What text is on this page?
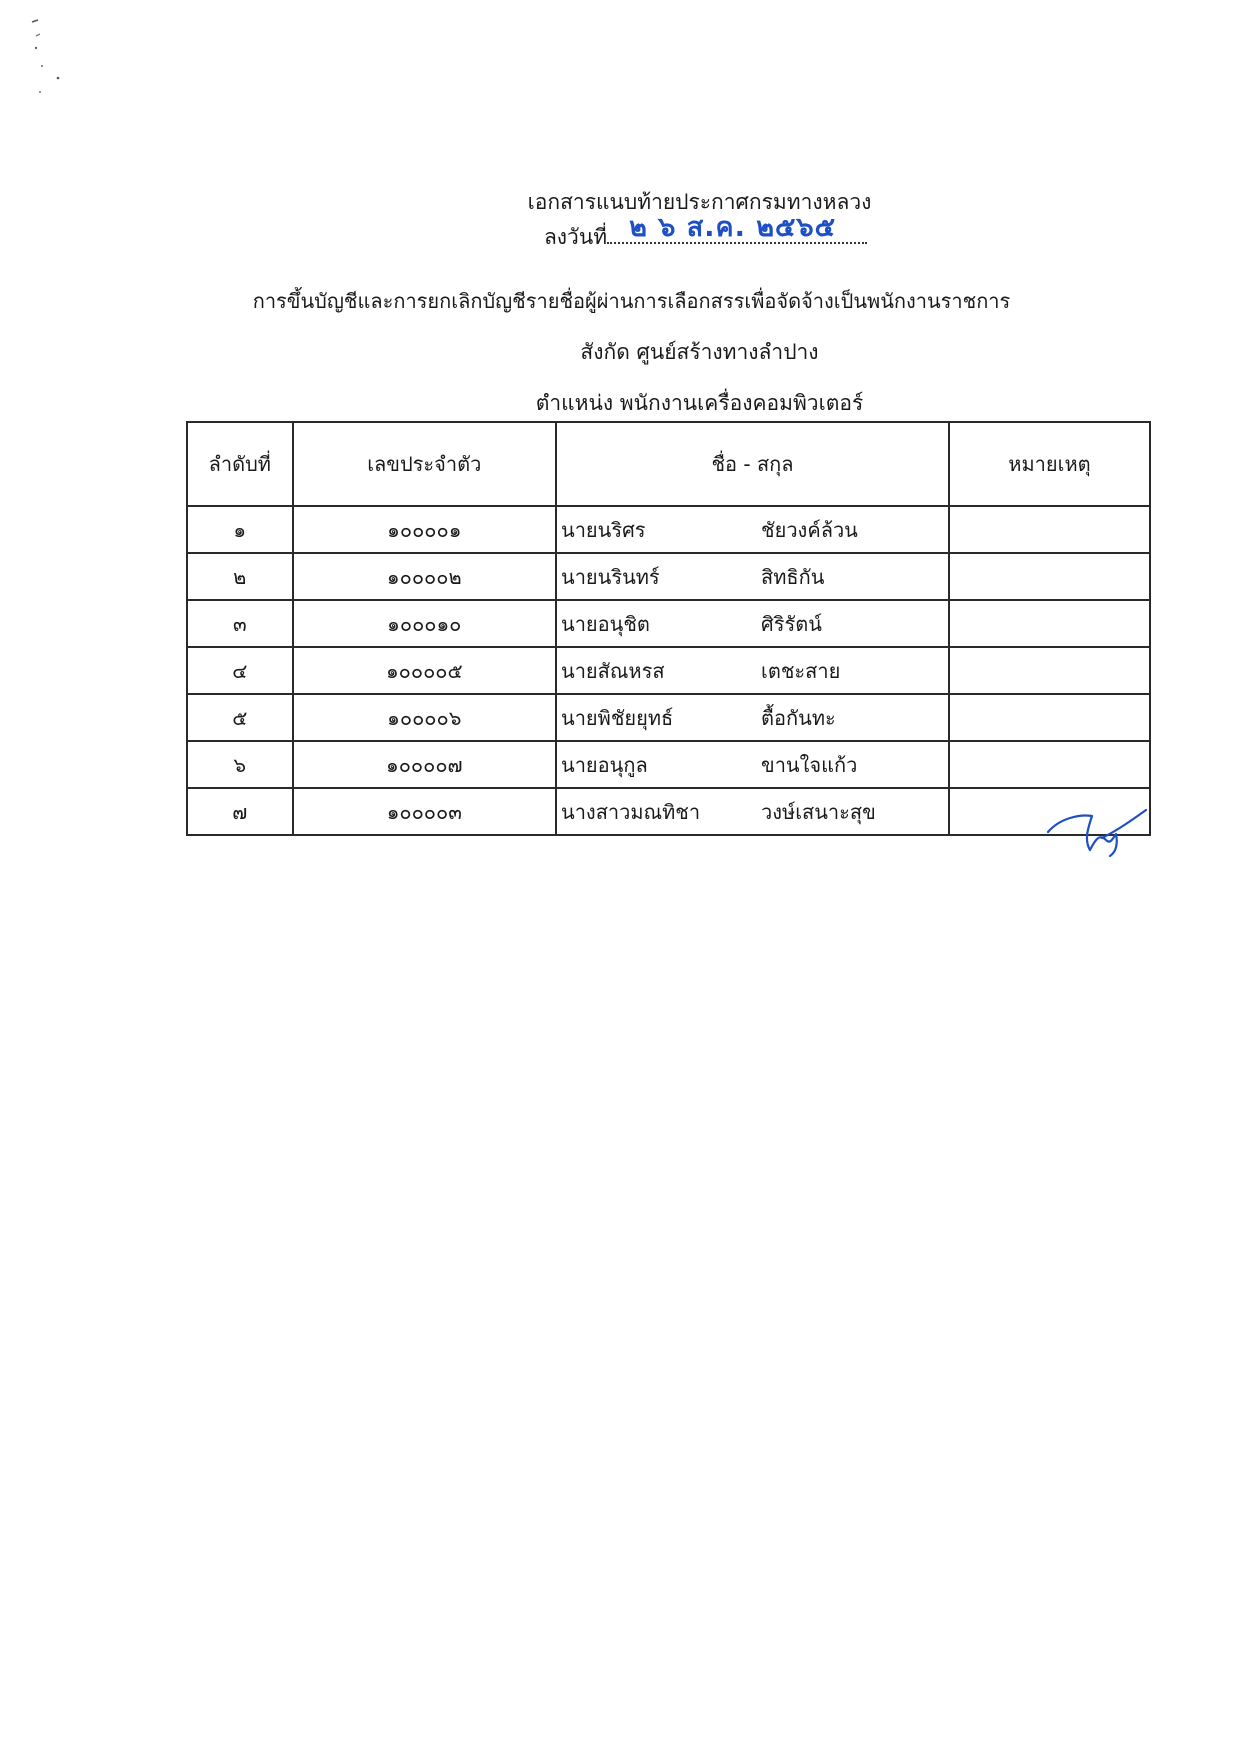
เอกสารแนบท้ายประกาศกรมทางหลวง
ลงวันที่ ๒ ๖ ส.ค. ๒๕๖๕
การขึ้นบัญชีและการยกเลิกบัญชีรายชื่อผู้ผ่านการเลือกสรรเพื่อจัดจ้างเป็นพนักงานราชการ
สังกัด ศูนย์สร้างทางลำปาง
ตำแหน่ง พนักงานเครื่องคอมพิวเตอร์
ลำดับที่	เลขประจำตัว	ชื่อ - สกุล	หมายเหตุ
๑	๑๐๐๐๐๑	นายนริศร ชัยวงค์ล้วน	

๒	๑๐๐๐๐๒	นายนรินทร์ สิทธิกัน	

๓	๑๐๐๐๑๐	นายอนุชิต ศิริรัตน์	

๔	๑๐๐๐๐๕	นายสัณหรส เตชะสาย	

๕	๑๐๐๐๐๖	นายพิชัยยุทธ์ ตื้อกันทะ	

๖	๑๐๐๐๐๗	นายอนุกูล ขานใจแก้ว	

๗	๑๐๐๐๐๓	นางสาวมณทิชา วงษ์เสนาะสุข	
